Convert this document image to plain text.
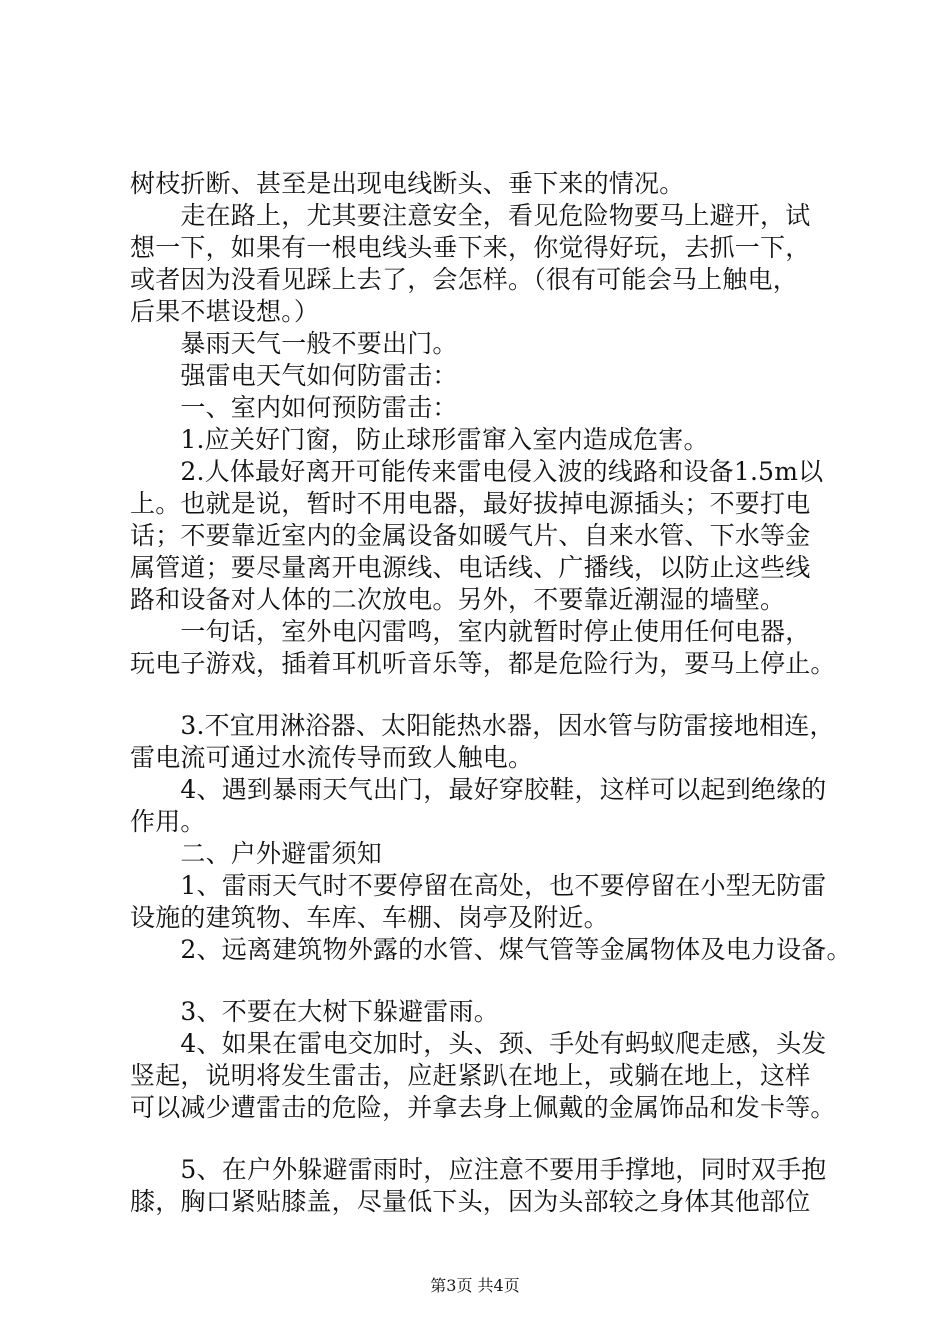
树枝折断、甚至是出现电线断头、垂下来的情况。
　　走在路上，尤其要注意安全，看见危险物要马上避开，试
想一下，如果有一根电线头垂下来，你觉得好玩，去抓一下，
或者因为没看见踩上去了，会怎样。（很有可能会马上触电，
后果不堪设想。）
　　暴雨天气一般不要出门。
　　强雷电天气如何防雷击：
　　一、室内如何预防雷击：
　　1.应关好门窗，防止球形雷窜入室内造成危害。
　　2.人体最好离开可能传来雷电侵入波的线路和设备1.5m以
上。也就是说，暂时不用电器，最好拔掉电源插头；不要打电
话；不要靠近室内的金属设备如暖气片、自来水管、下水等金
属管道；要尽量离开电源线、电话线、广播线，以防止这些线
路和设备对人体的二次放电。另外，不要靠近潮湿的墙壁。
　　一句话，室外电闪雷鸣，室内就暂时停止使用任何电器，
玩电子游戏，插着耳机听音乐等，都是危险行为，要马上停止。
　　3.不宜用淋浴器、太阳能热水器，因水管与防雷接地相连，
雷电流可通过水流传导而致人触电。
　　4、遇到暴雨天气出门，最好穿胶鞋，这样可以起到绝缘的
作用。
　　二、户外避雷须知
　　1、雷雨天气时不要停留在高处，也不要停留在小型无防雷
设施的建筑物、车库、车棚、岗亭及附近。
　　2、远离建筑物外露的水管、煤气管等金属物体及电力设备。
　　3、不要在大树下躲避雷雨。
　　4、如果在雷电交加时，头、颈、手处有蚂蚁爬走感，头发
竖起，说明将发生雷击，应赶紧趴在地上，或躺在地上，这样
可以减少遭雷击的危险，并拿去身上佩戴的金属饰品和发卡等。
　　5、在户外躲避雷雨时，应注意不要用手撑地，同时双手抱
膝，胸口紧贴膝盖，尽量低下头，因为头部较之身体其他部位
第3页 共4页
